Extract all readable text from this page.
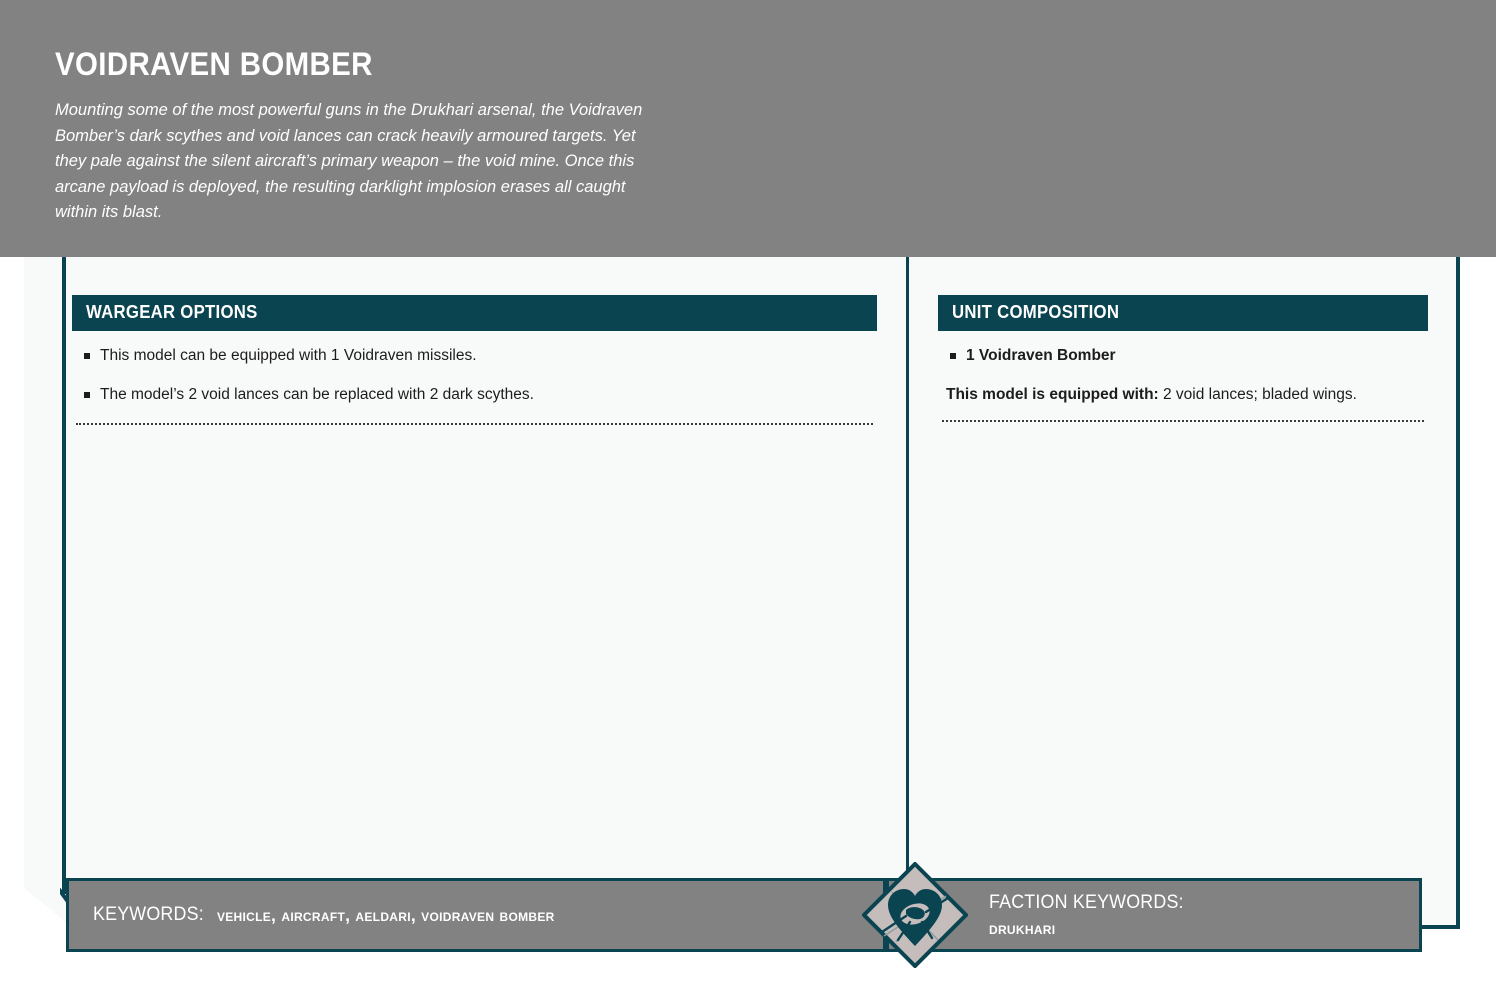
VOIDRAVEN BOMBER
Mounting some of the most powerful guns in the Drukhari arsenal, the Voidraven Bomber’s dark scythes and void lances can crack heavily armoured targets. Yet they pale against the silent aircraft’s primary weapon – the void mine. Once this arcane payload is deployed, the resulting darklight implosion erases all caught within its blast.
WARGEAR OPTIONS
This model can be equipped with 1 Voidraven missiles.
The model’s 2 void lances can be replaced with 2 dark scythes.
UNIT COMPOSITION
1 Voidraven Bomber
This model is equipped with: 2 void lances; bladed wings.
KEYWORDS: vehicle, aircraft, aeldari, voidraven bomber
FACTION KEYWORDS:
drukhari
